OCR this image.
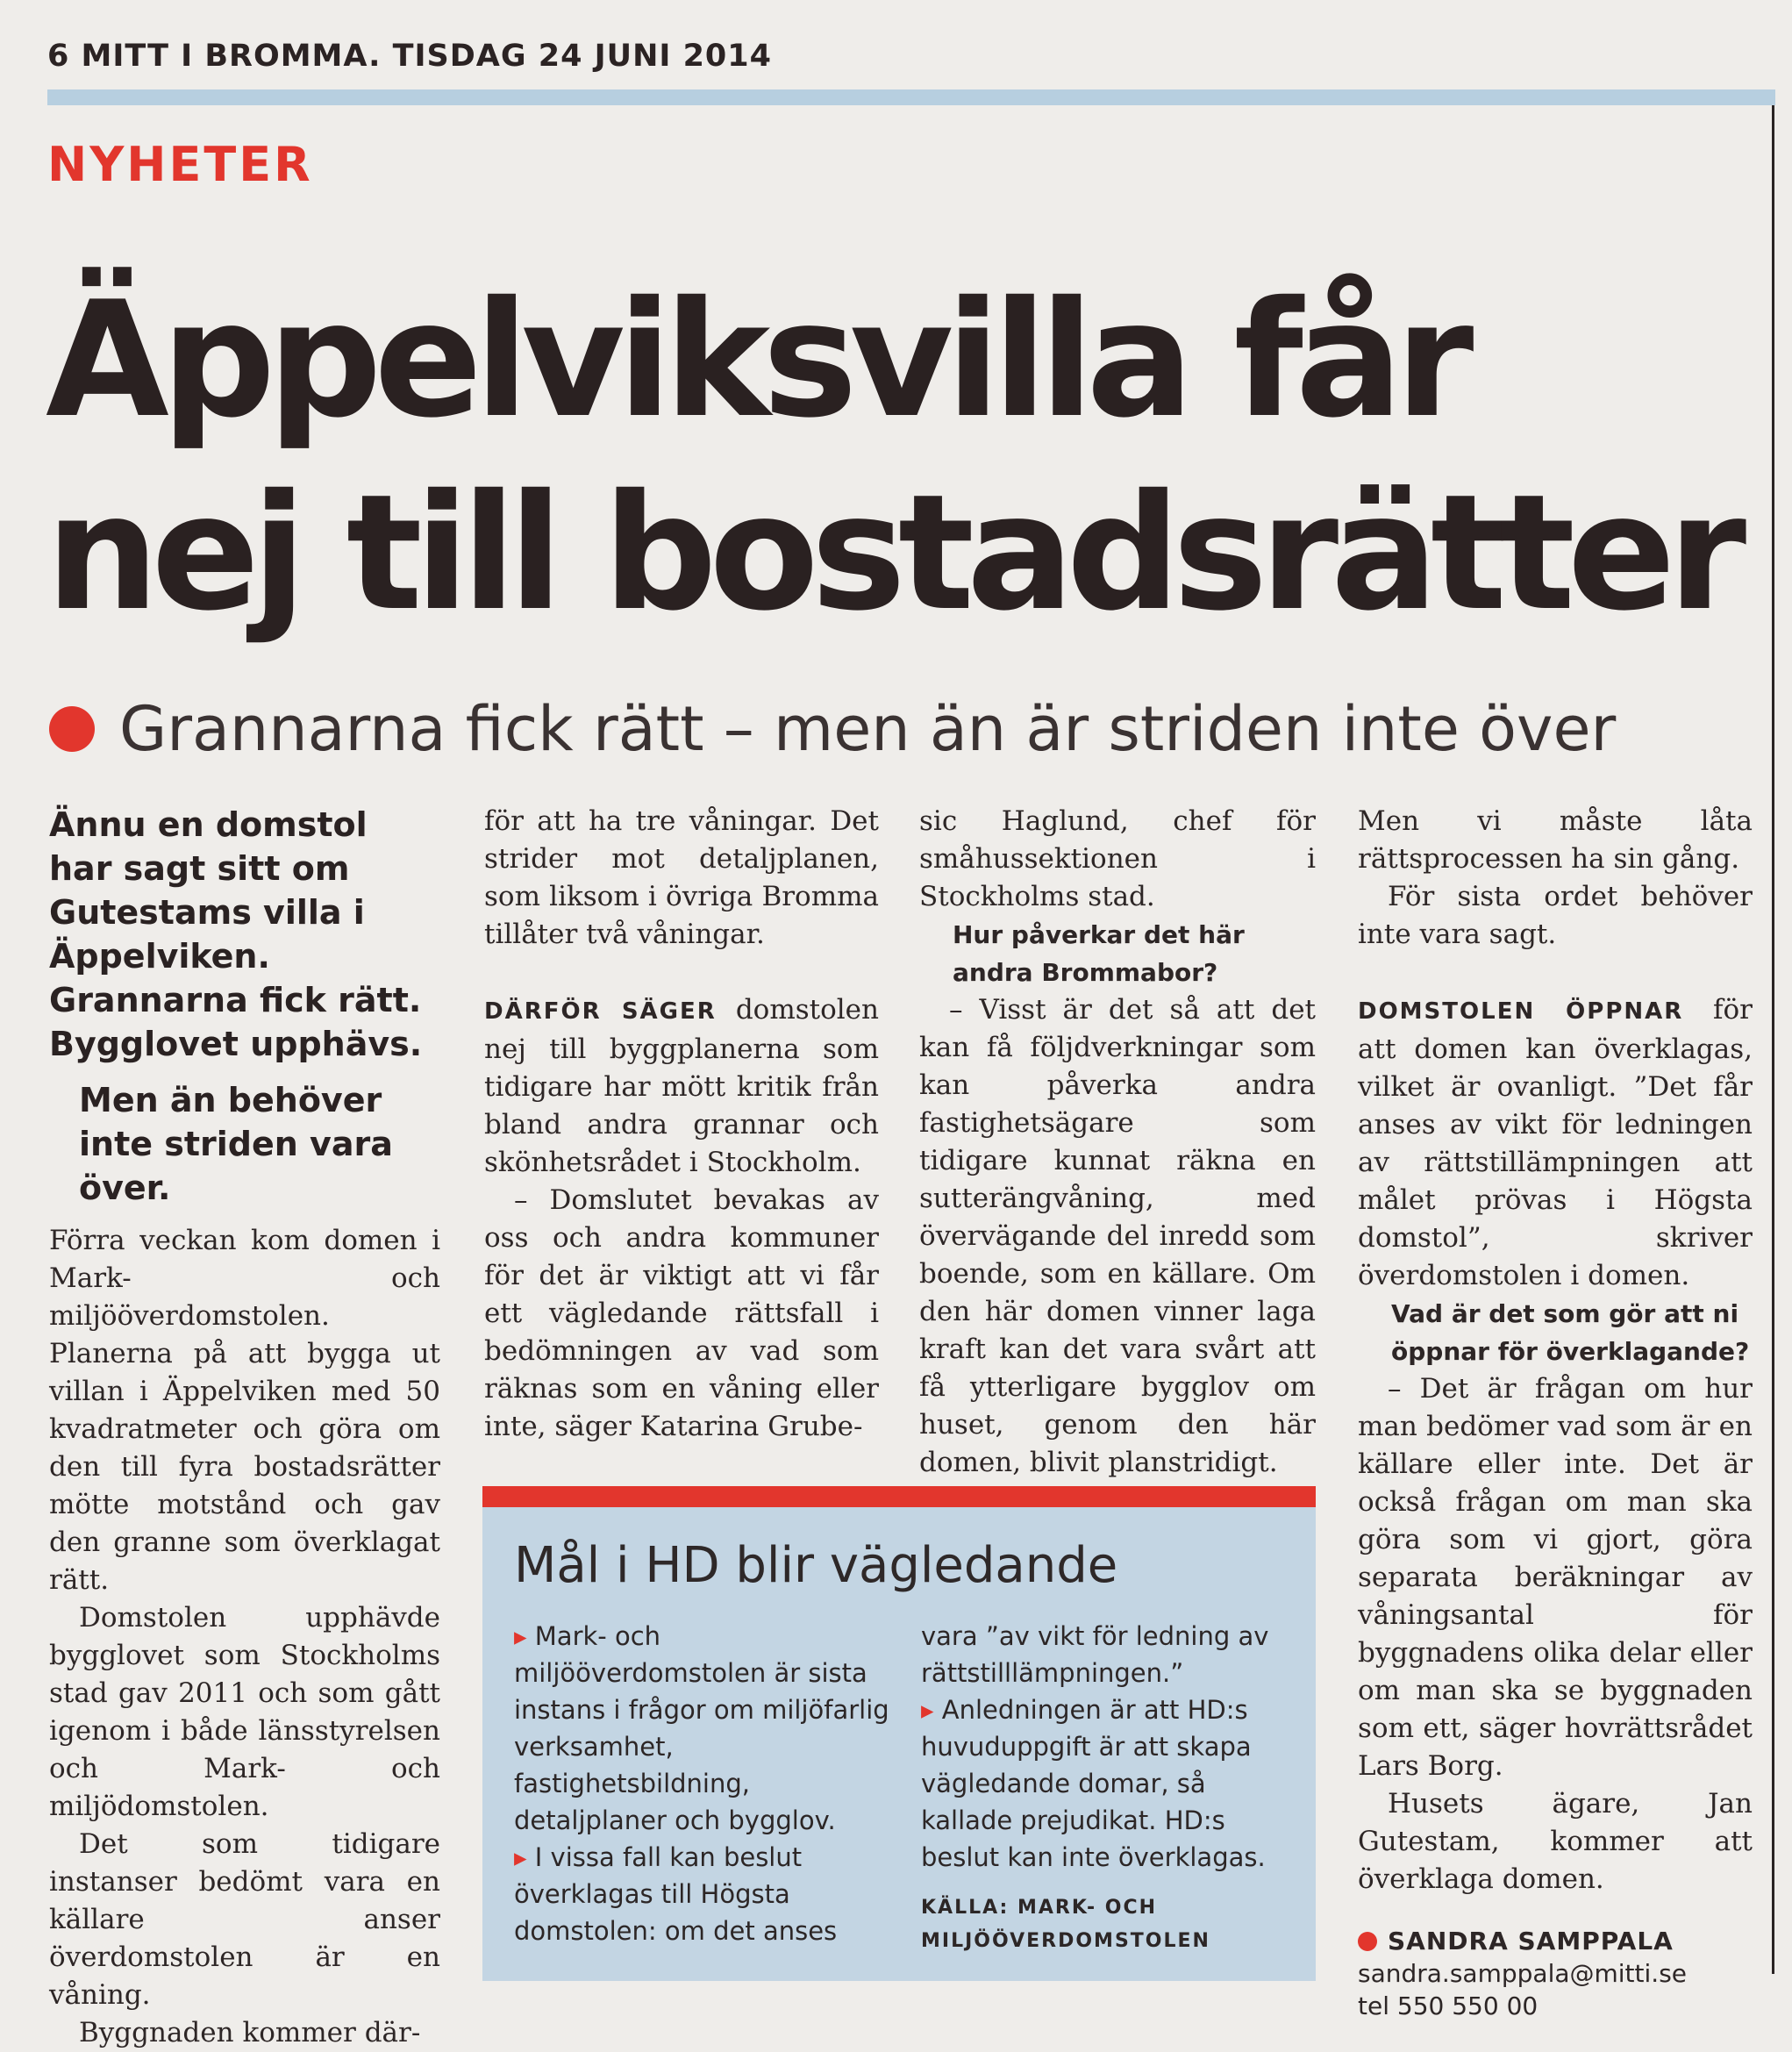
6 MITT I BROMMA. TISDAG 24 JUNI 2014
NYHETER
Äppelviksvilla får
nej till bostadsrätter
Grannarna fick rätt – men än är striden inte över

Ännu en domstol har sagt sitt om Gutestams villa i Äppelviken. Grannarna fick rätt. Bygglovet upphävs.

Men än behöver inte striden vara över.

Förra veckan kom domen i Mark- och miljööverdomstolen. Planerna på att bygga ut villan i Äppelviken med 50 kvadratmeter och göra om den till fyra bostadsrätter mötte motstånd och gav den granne som överklagat rätt.

Domstolen upphävde bygglovet som Stockholms stad gav 2011 och som gått igenom i både länsstyrelsen och Mark- och miljödomstolen.

Det som tidigare instanser bedömt vara en källare anser överdomstolen är en våning.

Byggnaden kommer där-

för att ha tre våningar. Det strider mot detaljplanen, som liksom i övriga Bromma tillåter två våningar.

DÄRFÖR SÄGER domstolen nej till byggplanerna som tidigare har mött kritik från bland andra grannar och skönhetsrådet i Stockholm.

– Domslutet bevakas av oss och andra kommuner för det är viktigt att vi får ett vägledande rättsfall i bedömningen av vad som räknas som en våning eller inte, säger Katarina Grube-

sic Haglund, chef för småhussektionen i Stockholms stad.

Hur påverkar det här andra Brommabor?

– Visst är det så att det kan få följdverkningar som kan påverka andra fastighetsägare som tidigare kunnat räkna en sutterängvåning, med övervägande del inredd som boende, som en källare. Om den här domen vinner laga kraft kan det vara svårt att få ytterligare bygglov om huset, genom den här domen, blivit planstridigt.

Men vi måste låta rättsprocessen ha sin gång.

För sista ordet behöver inte vara sagt.

DOMSTOLEN ÖPPNAR för att domen kan överklagas, vilket är ovanligt. ”Det får anses av vikt för ledningen av rättstillämpningen att målet prövas i Högsta domstol”, skriver överdomstolen i domen.

Vad är det som gör att ni öppnar för överklagande?

– Det är frågan om hur man bedömer vad som är en källare eller inte. Det är också frågan om man ska göra som vi gjort, göra separata beräkningar av våningsantal för byggnadens olika delar eller om man ska se byggnaden som ett, säger hovrättsrådet Lars Borg.

Husets ägare, Jan Gutestam, kommer att överklaga domen.

SANDRA SAMPPALA
sandra.samppala@mitti.se
tel 550 550 00

Mål i HD blir vägledande

▸ Mark- och miljööverdomstolen är sista instans i frågor om miljöfarlig verksamhet, fastighetsbildning, detaljplaner och bygglov.

▸ I vissa fall kan beslut överklagas till Högsta domstolen: om det anses

vara ”av vikt för ledning av rättstilllämpningen.”

▸ Anledningen är att HD:s huvuduppgift är att skapa vägledande domar, så kallade prejudikat. HD:s beslut kan inte överklagas.

KÄLLA: MARK- OCH MILJÖÖVERDOMSTOLEN
